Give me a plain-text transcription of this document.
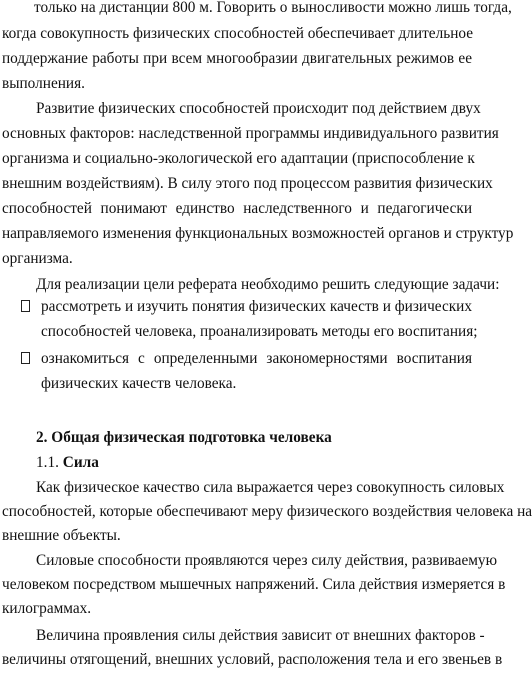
только на дистанции 800 м. Говорить о выносливости можно лишь тогда,
когда совокупность физических способностей обеспечивает длительное
поддержание работы при всем многообразии двигательных режимов ее
выполнения.
Развитие физических способностей происходит под действием двух
основных факторов: наследственной программы индивидуального развития
организма и социально-экологической его адаптации (приспособление к
внешним воздействиям). В силу этого под процессом развития физических
способностей понимают единство наследственного и педагогически
направляемого изменения функциональных возможностей органов и структур
организма.
Для реализации цели реферата необходимо решить следующие задачи:
рассмотреть и изучить понятия физических качеств и физических
способностей человека, проанализировать методы его воспитания;
ознакомиться с определенными закономерностями воспитания
физических качеств человека.
2. Общая физическая подготовка человека
1.1. Сила
Как физическое качество сила выражается через совокупность силовых
способностей, которые обеспечивают меру физического воздействия человека на
внешние объекты.
Силовые способности проявляются через силу действия, развиваемую
человеком посредством мышечных напряжений. Сила действия измеряется в
килограммах.
Величина проявления силы действия зависит от внешних факторов -
величины отягощений, внешних условий, расположения тела и его звеньев в
